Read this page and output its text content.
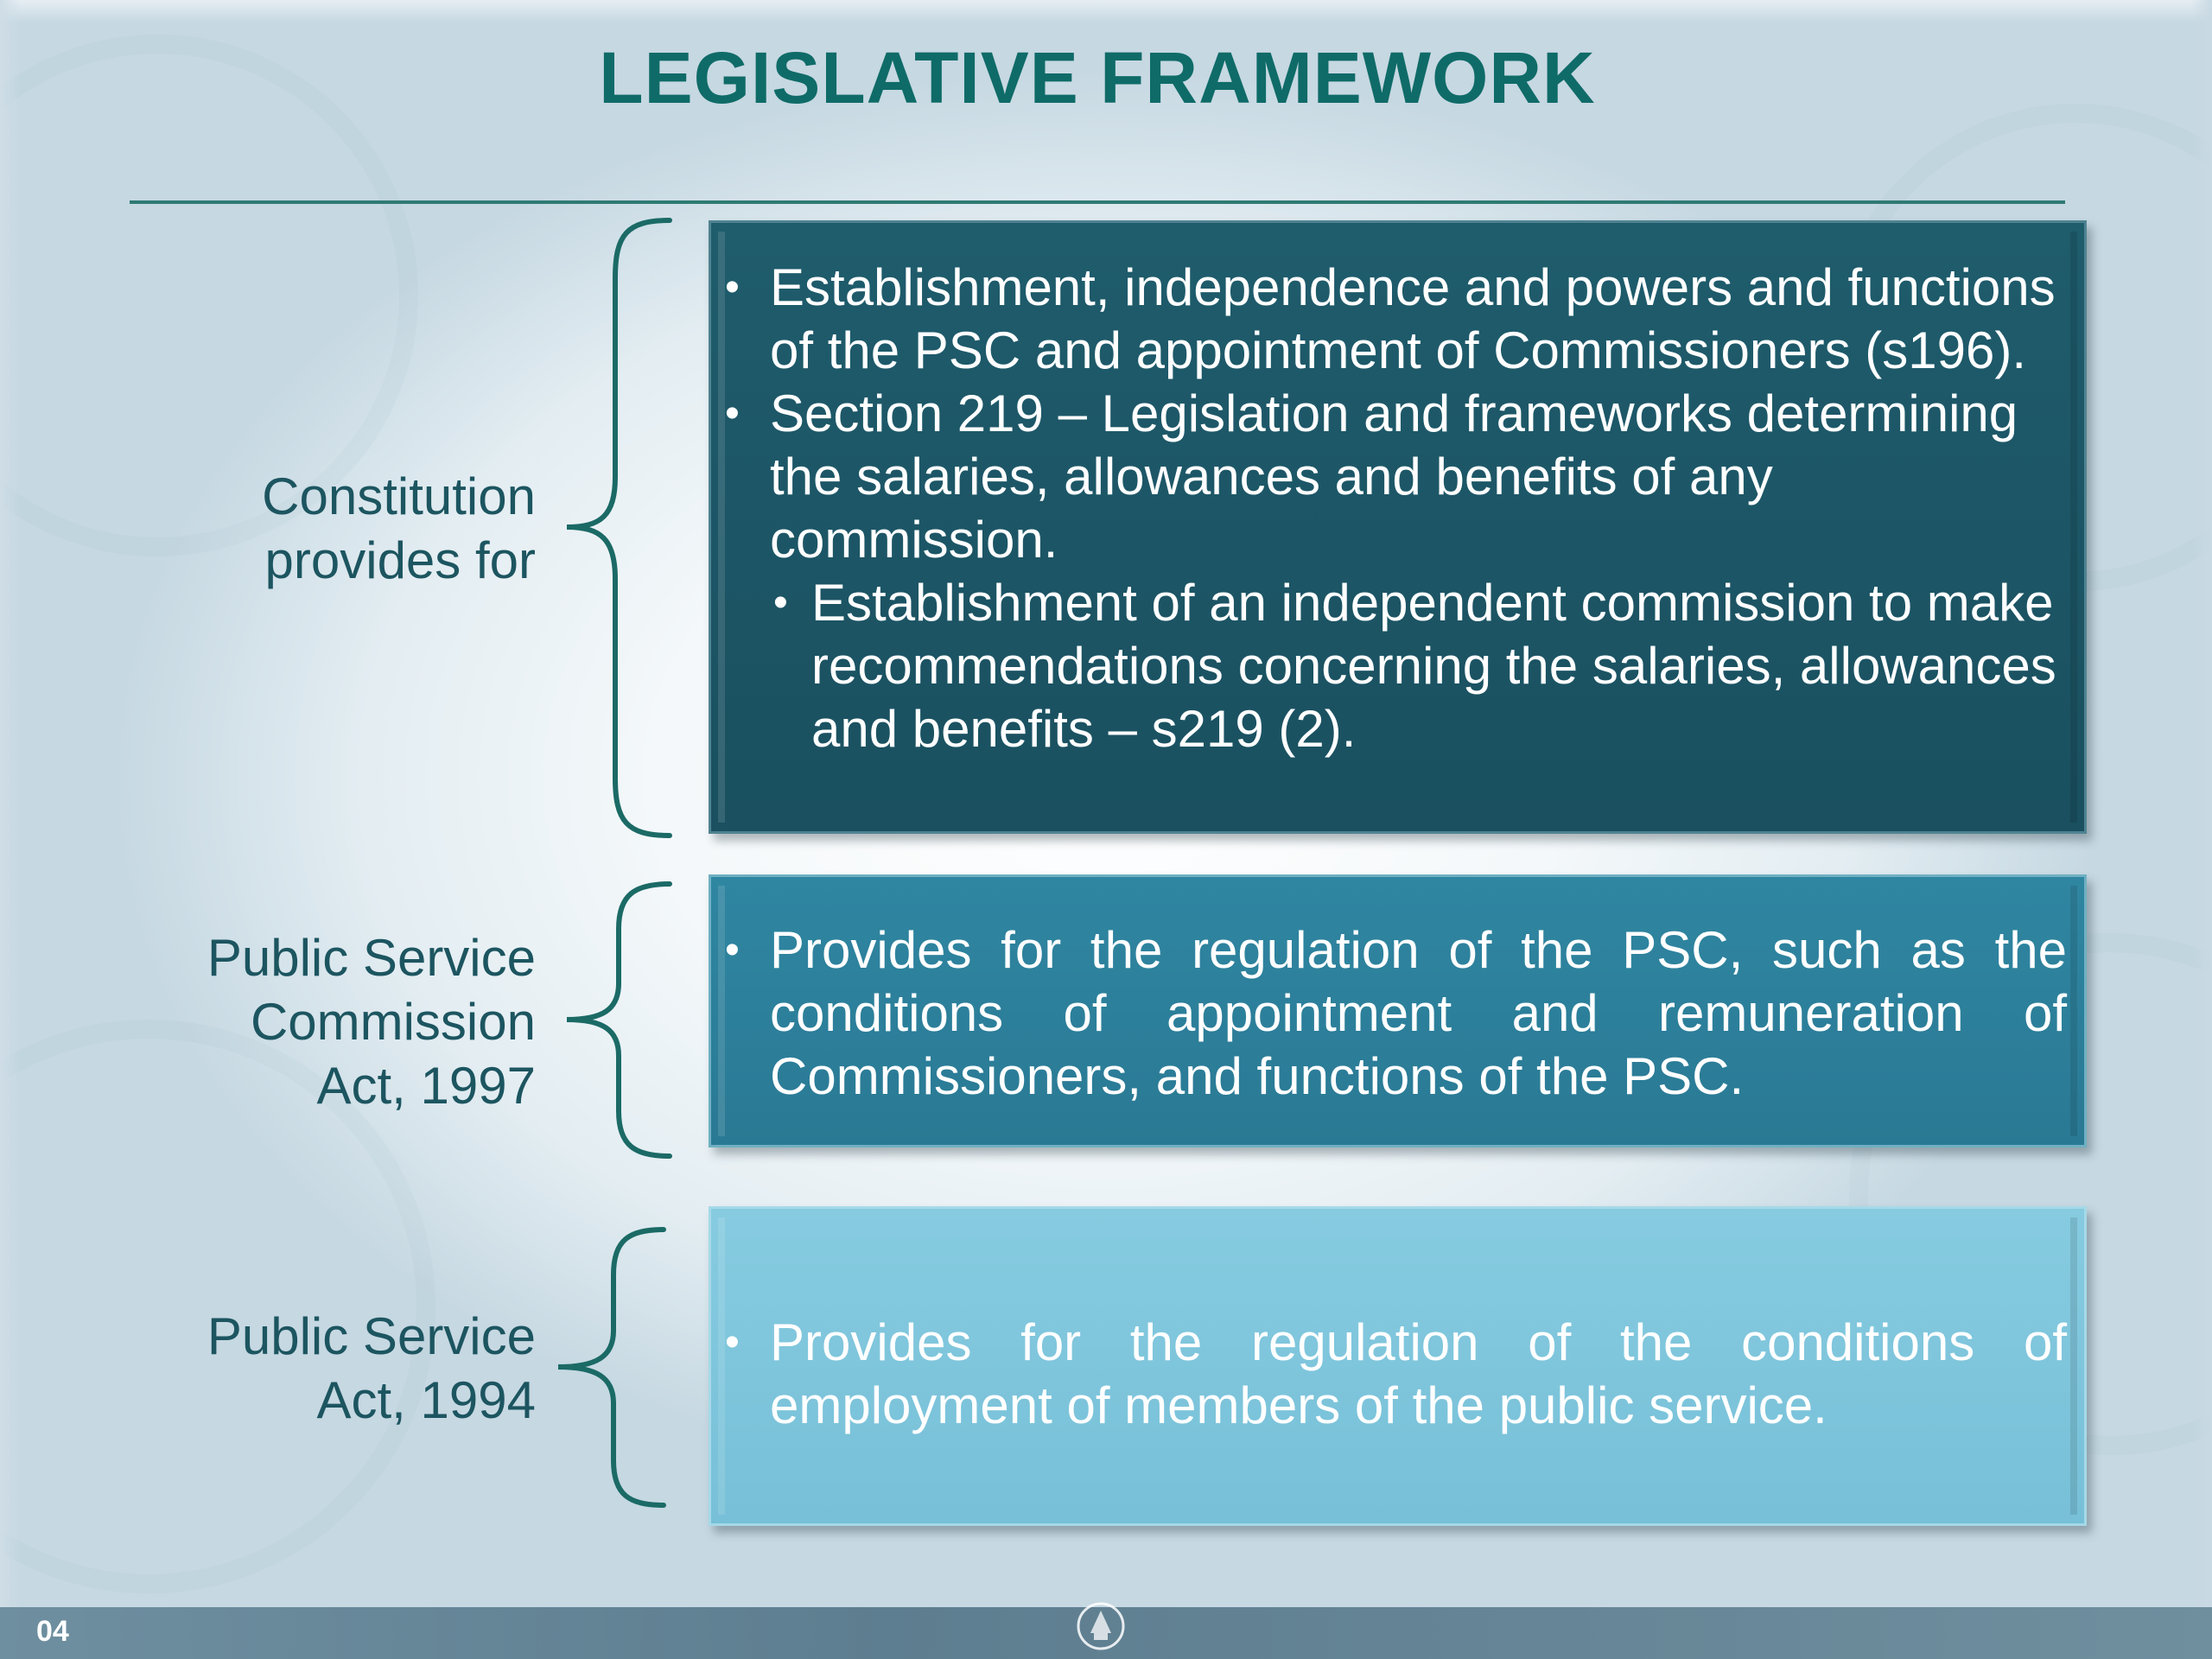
LEGISLATIVE FRAMEWORK
Constitution
provides for

• Establishment, independence and powers and functions of the PSC and appointment of Commissioners (s196).

• Section 219 – Legislation and frameworks determining the salaries, allowances and benefits of any commission.

• Establishment of an independent commission to make recommendations concerning the salaries, allowances and benefits – s219 (2).

Public Service
Commission
Act, 1997

• Provides for the regulation of the PSC, such as the conditions of appointment and remuneration of Commissioners, and functions of the PSC.

Public Service
Act, 1994

• Provides for the regulation of the conditions of employment of members of the public service.

04
